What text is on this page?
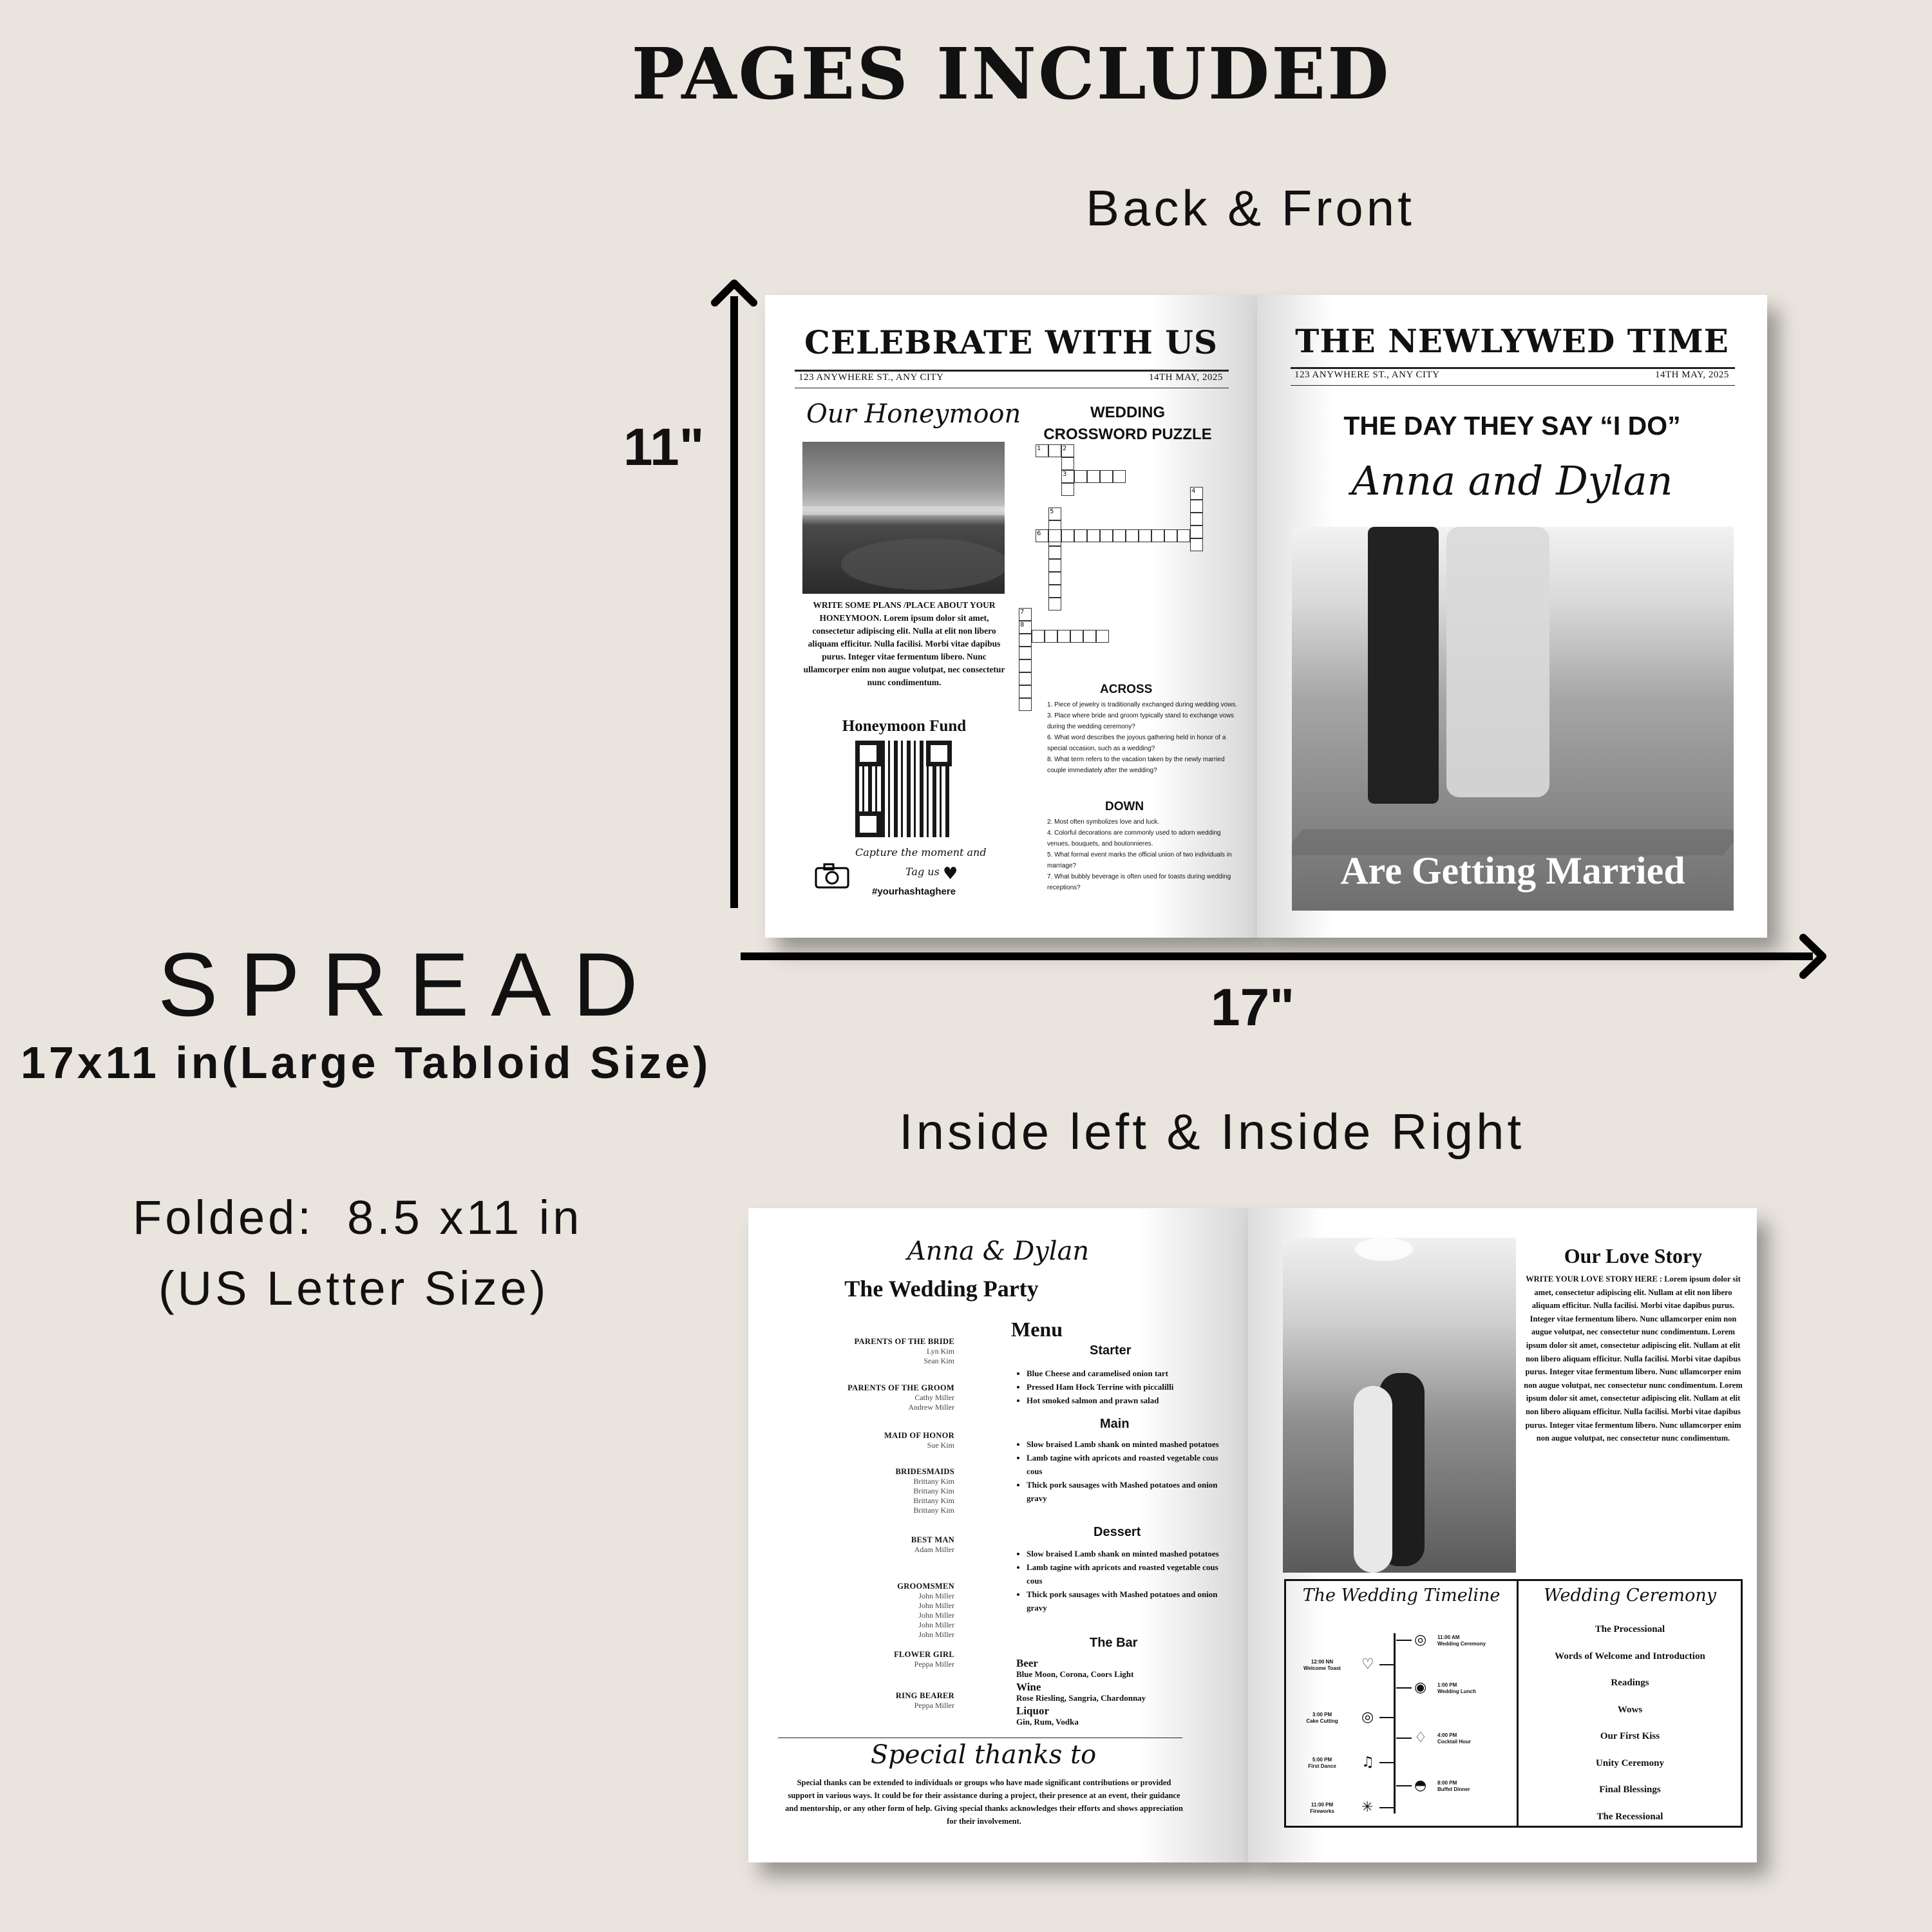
PAGES INCLUDED
Back & Front
11"
17"
SPREAD
17x11 in(Large Tabloid Size)
Inside left & Inside Right
Folded:  8.5 x11 in
(US Letter Size)
CELEBRATE WITH US
123 ANYWHERE ST., ANY CITY	14TH MAY, 2025
Our Honeymoon
WRITE SOME PLANS /PLACE ABOUT YOUR HONEYMOON. Lorem ipsum dolor sit amet, consectetur adipiscing elit. Nulla at elit non libero aliquam efficitur. Nulla facilisi. Morbi vitae dapibus purus. Integer vitae fermentum libero. Nunc ullamcorper enim non augue volutpat, nec consectetur nunc condimentum.
Honeymoon Fund
Capture the moment and
Tag us ♥
#yourhashtaghere
WEDDING
CROSSWORD PUZZLE
1	2
3
4
5
6
7
8
ACROSS
1. Piece of jewelry is traditionally exchanged during wedding vows.
3. Place where bride and groom typically stand to exchange vows during the wedding ceremony?
6. What word describes the joyous gathering held in honor of a special occasion, such as a wedding?
8. What term refers to the vacation taken by the newly married couple immediately after the wedding?
DOWN
2. Most often symbolizes love and luck.
4. Colorful decorations are commonly used to adorn wedding venues, bouquets, and boutonnieres.
5. What formal event marks the official union of two individuals in marriage?
7. What bubbly beverage is often used for toasts during wedding receptions?
THE NEWLYWED TIME
123 ANYWHERE ST., ANY CITY	14TH MAY, 2025
THE DAY THEY SAY “I DO”
Anna and Dylan
Are Getting Married
Anna & Dylan
The Wedding Party
PARENTS OF THE BRIDE
Lyn Kim
Sean Kim
PARENTS OF THE GROOM
Cathy Miller
Andrew Miller
MAID OF HONOR
Sue Kim
BRIDESMAIDS
Brittany Kim
Brittany Kim
Brittany Kim
Brittany Kim
BEST MAN
Adam Miller
GROOMSMEN
John Miller
John Miller
John Miller
John Miller
John Miller
FLOWER GIRL
Peppa Miller
RING BEARER
Peppa Miller
Menu
Starter
• Blue Cheese and caramelised onion tart
• Pressed Ham Hock Terrine with piccalilli
• Hot smoked salmon and prawn salad
Main
• Slow braised Lamb shank on minted mashed potatoes
• Lamb tagine with apricots and roasted vegetable cous cous
• Thick pork sausages with Mashed potatoes and onion gravy
Dessert
• Slow braised Lamb shank on minted mashed potatoes
• Lamb tagine with apricots and roasted vegetable cous cous
• Thick pork sausages with Mashed potatoes and onion gravy
The Bar
Beer
Blue Moon, Corona, Coors Light
Wine
Rose Riesling, Sangria, Chardonnay
Liquor
Gin, Rum, Vodka
Special thanks to
Special thanks can be extended to individuals or groups who have made significant contributions or provided support in various ways. It could be for their assistance during a project, their presence at an event, their guidance and mentorship, or any other form of help. Giving special thanks acknowledges their efforts and shows appreciation for their involvement.
Our Love Story
WRITE YOUR LOVE STORY HERE : Lorem ipsum dolor sit amet, consectetur adipiscing elit. Nullam at elit non libero aliquam efficitur. Nulla facilisi. Morbi vitae dapibus purus. Integer vitae fermentum libero. Nunc ullamcorper enim non augue volutpat, nec consectetur nunc condimentum. Lorem ipsum dolor sit amet, consectetur adipiscing elit. Nullam at elit non libero aliquam efficitur. Nulla facilisi. Morbi vitae dapibus purus. Integer vitae fermentum libero. Nunc ullamcorper enim non augue volutpat, nec consectetur nunc condimentum. Lorem ipsum dolor sit amet, consectetur adipiscing elit. Nullam at elit non libero aliquam efficitur. Nulla facilisi. Morbi vitae dapibus purus. Integer vitae fermentum libero. Nunc ullamcorper enim non augue volutpat, nec consectetur nunc condimentum.
The Wedding Timeline
12:00 NN
Welcome Toast	♡
3:00 PM
Cake Cutting	◎
5:00 PM
First Dance	♫
11:00 PM
Fireworks	✳
◎ 11:00 AM
Wedding Ceremony
◉ 1:00 PM
Wedding Lunch
♢ 4:00 PM
Cocktail Hour
◓ 8:00 PM
Buffet Dinner
Wedding Ceremony
The Processional
Words of Welcome and Introduction
Readings
Wows
Our First Kiss
Unity Ceremony
Final Blessings
The Recessional
